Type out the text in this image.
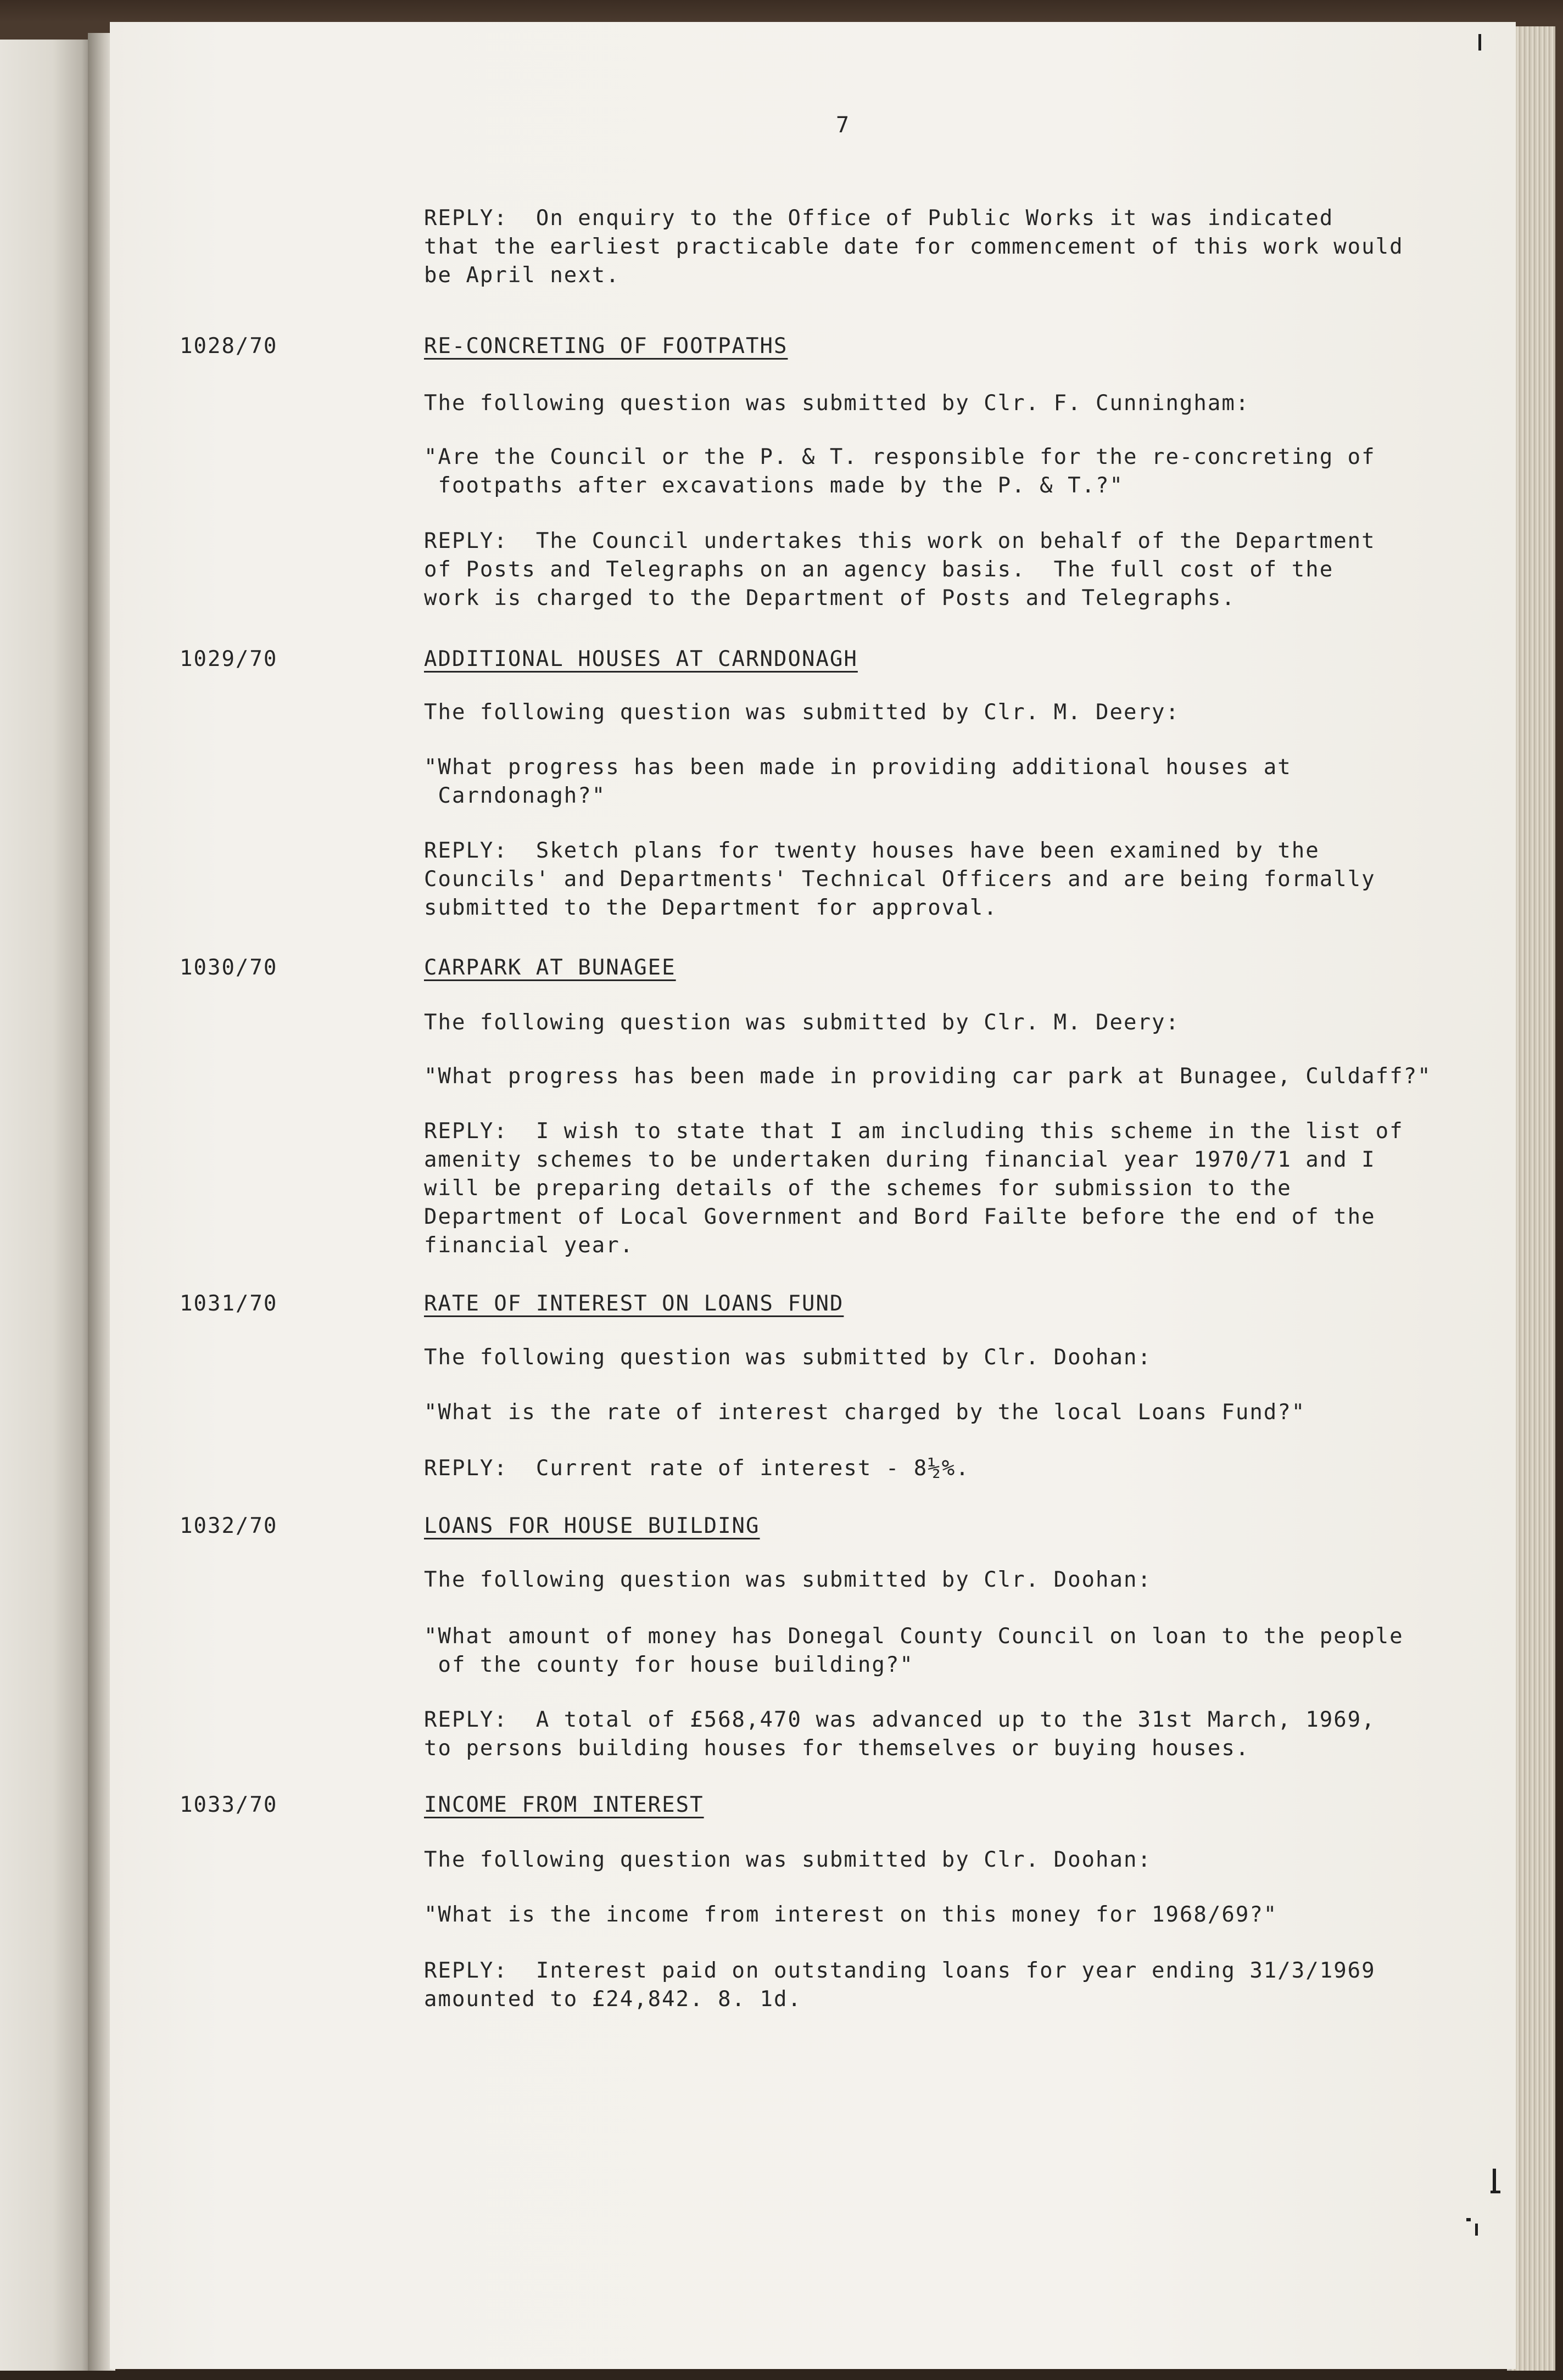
7
REPLY:  On enquiry to the Office of Public Works it was indicated
that the earliest practicable date for commencement of this work would
be April next.
1028/70	RE-CONCRETING OF FOOTPATHS
The following question was submitted by Clr. F. Cunningham:
"Are the Council or the P. & T. responsible for the re-concreting of
footpaths after excavations made by the P. & T.?"
REPLY:  The Council undertakes this work on behalf of the Department
of Posts and Telegraphs on an agency basis.  The full cost of the
work is charged to the Department of Posts and Telegraphs.
1029/70	ADDITIONAL HOUSES AT CARNDONAGH
The following question was submitted by Clr. M. Deery:
"What progress has been made in providing additional houses at
Carndonagh?"
REPLY:  Sketch plans for twenty houses have been examined by the
Councils' and Departments' Technical Officers and are being formally
submitted to the Department for approval.
1030/70	CARPARK AT BUNAGEE
The following question was submitted by Clr. M. Deery:
"What progress has been made in providing car park at Bunagee, Culdaff?"
REPLY:  I wish to state that I am including this scheme in the list of
amenity schemes to be undertaken during financial year 1970/71 and I
will be preparing details of the schemes for submission to the
Department of Local Government and Bord Failte before the end of the
financial year.
1031/70	RATE OF INTEREST ON LOANS FUND
The following question was submitted by Clr. Doohan:
"What is the rate of interest charged by the local Loans Fund?"
REPLY:  Current rate of interest - 8½%.
1032/70	LOANS FOR HOUSE BUILDING
The following question was submitted by Clr. Doohan:
"What amount of money has Donegal County Council on loan to the people
of the county for house building?"
REPLY:  A total of £568,470 was advanced up to the 31st March, 1969,
to persons building houses for themselves or buying houses.
1033/70	INCOME FROM INTEREST
The following question was submitted by Clr. Doohan:
"What is the income from interest on this money for 1968/69?"
REPLY:  Interest paid on outstanding loans for year ending 31/3/1969
amounted to £24,842. 8. 1d.
